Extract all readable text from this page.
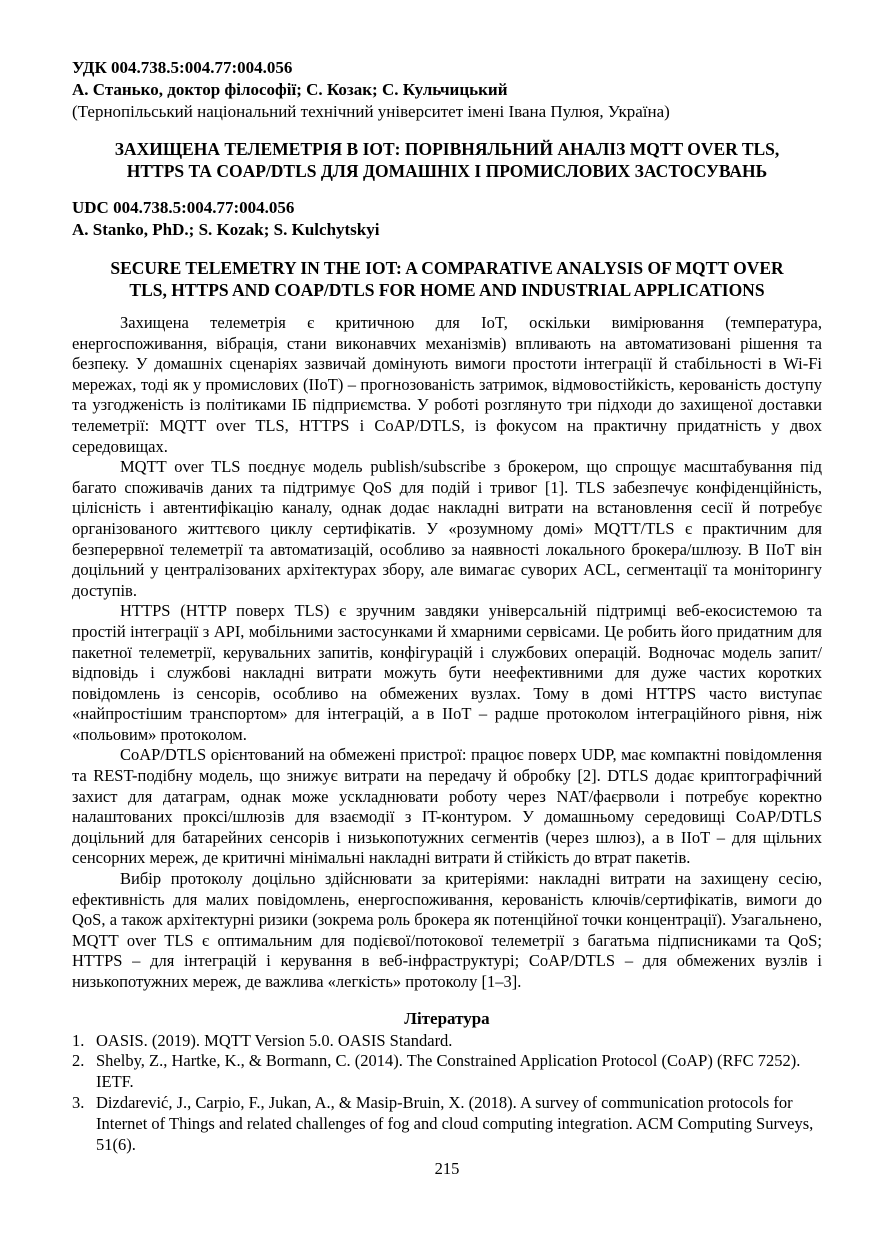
УДК 004.738.5:004.77:004.056
А. Станько, доктор філософії; С. Козак; С. Кульчицький
(Тернопільський національний технічний університет імені Івана Пулюя, Україна)
ЗАХИЩЕНА ТЕЛЕМЕТРІЯ В ІОТ: ПОРІВНЯЛЬНИЙ АНАЛІЗ MQTT OVER TLS, HTTPS ТА COAP/DTLS ДЛЯ ДОМАШНІХ І ПРОМИСЛОВИХ ЗАСТОСУВАНЬ
UDC 004.738.5:004.77:004.056
A. Stanko, PhD.; S. Kozak; S. Kulchytskyi
SECURE TELEMETRY IN THE IOT: A COMPARATIVE ANALYSIS OF MQTT OVER TLS, HTTPS AND COAP/DTLS FOR HOME AND INDUSTRIAL APPLICATIONS

Захищена телеметрія є критичною для IoT, оскільки вимірювання (температура, енергоспоживання, вібрація, стани виконавчих механізмів) впливають на автоматизовані рішення та безпеку. У домашніх сценаріях зазвичай домінують вимоги простоти інтеграції й стабільності в Wi-Fi мережах, тоді як у промислових (IIoT) – прогнозованість затримок, відмовостійкість, керованість доступу та узгодженість із політиками ІБ підприємства. У роботі розглянуто три підходи до захищеної доставки телеметрії: MQTT over TLS, HTTPS і CoAP/DTLS, із фокусом на практичну придатність у двох середовищах.

MQTT over TLS поєднує модель publish/subscribe з брокером, що спрощує масштабування під багато споживачів даних та підтримує QoS для подій і тривог [1]. TLS забезпечує конфіденційність, цілісність і автентифікацію каналу, однак додає накладні витрати на встановлення сесії й потребує організованого життєвого циклу сертифікатів. У «розумному домі» MQTT/TLS є практичним для безперервної телеметрії та автоматизацій, особливо за наявності локального брокера/шлюзу. В IIoT він доцільний у централізованих архітектурах збору, але вимагає суворих ACL, сегментації та моніторингу доступів.

HTTPS (HTTP поверх TLS) є зручним завдяки універсальній підтримці веб-екосистемою та простій інтеграції з API, мобільними застосунками й хмарними сервісами. Це робить його придатним для пакетної телеметрії, керувальних запитів, конфігурацій і службових операцій. Водночас модель запит/відповідь і службові накладні витрати можуть бути неефективними для дуже частих коротких повідомлень із сенсорів, особливо на обмежених вузлах. Тому в домі HTTPS часто виступає «найпростішим транспортом» для інтеграцій, а в IIoT – радше протоколом інтеграційного рівня, ніж «польовим» протоколом.

CoAP/DTLS орієнтований на обмежені пристрої: працює поверх UDP, має компактні повідомлення та REST-подібну модель, що знижує витрати на передачу й обробку [2]. DTLS додає криптографічний захист для датаграм, однак може ускладнювати роботу через NAT/фаєрволи і потребує коректно налаштованих проксі/шлюзів для взаємодії з IT-контуром. У домашньому середовищі CoAP/DTLS доцільний для батарейних сенсорів і низькопотужних сегментів (через шлюз), а в IIoT – для щільних сенсорних мереж, де критичні мінімальні накладні витрати й стійкість до втрат пакетів.

Вибір протоколу доцільно здійснювати за критеріями: накладні витрати на захищену сесію, ефективність для малих повідомлень, енергоспоживання, керованість ключів/сертифікатів, вимоги до QoS, а також архітектурні ризики (зокрема роль брокера як потенційної точки концентрації). Узагальнено, MQTT over TLS є оптимальним для подієвої/потокової телеметрії з багатьма підписниками та QoS; HTTPS – для інтеграцій і керування в веб-інфраструктурі; CoAP/DTLS – для обмежених вузлів і низькопотужних мереж, де важлива «легкість» протоколу [1–3].

Література
1. OASIS. (2019). MQTT Version 5.0. OASIS Standard.
2. Shelby, Z., Hartke, K., & Bormann, C. (2014). The Constrained Application Protocol (CoAP) (RFC 7252). IETF.
3. Dizdarević, J., Carpio, F., Jukan, A., & Masip-Bruin, X. (2018). A survey of communication protocols for Internet of Things and related challenges of fog and cloud computing integration. ACM Computing Surveys, 51(6).
215
